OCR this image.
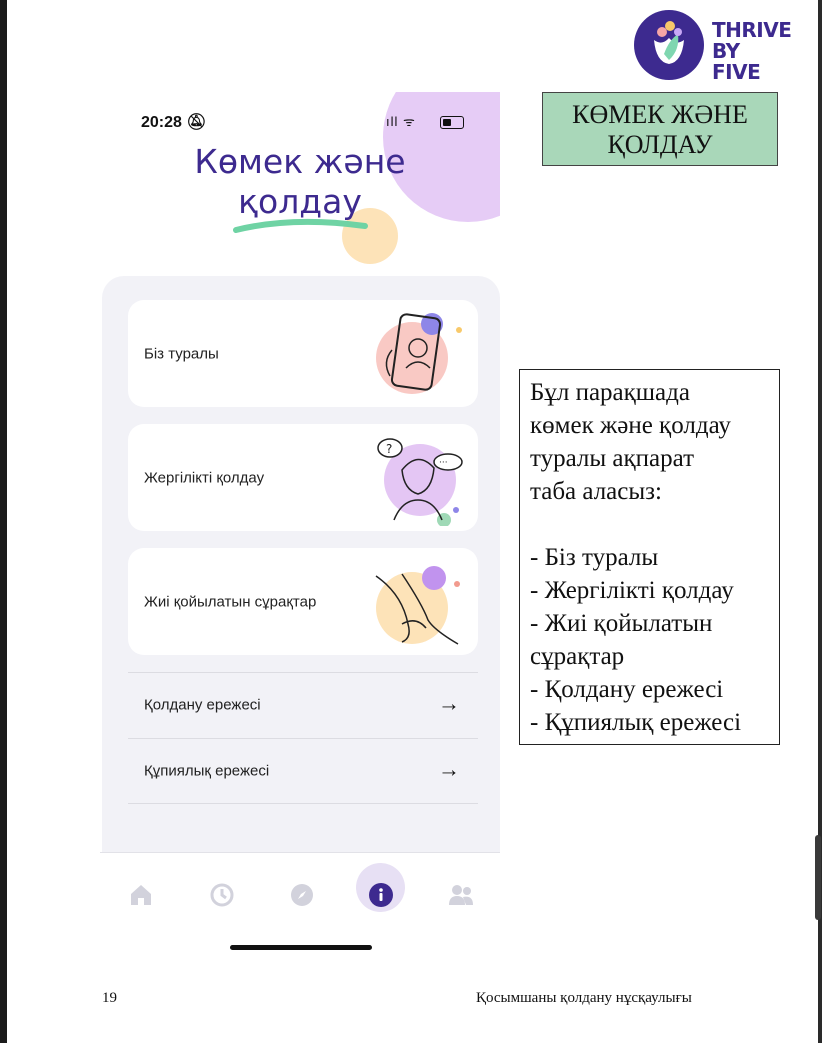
THRIVE
BY FIVE
20:28 🔕︎	ıll ᯤ
Көмек және
қолдау
Біз туралы
Жергілікті қолдау
?
···
Жиі қойылатын сұрақтар
Қолдану ережесі	→
Құпиялық ережесі	→
КӨМЕК ЖӘНЕ
ҚОЛДАУ

Бұл парақшада

көмек және қолдау

туралы ақпарат

таба аласыз:

- Біз туралы
- Жергілікті қолдау
- Жиі қойылатын
сұрақтар
- Қолдану ережесі
- Құпиялық ережесі
19	Қосымшаны қолдану нұсқаулығы
